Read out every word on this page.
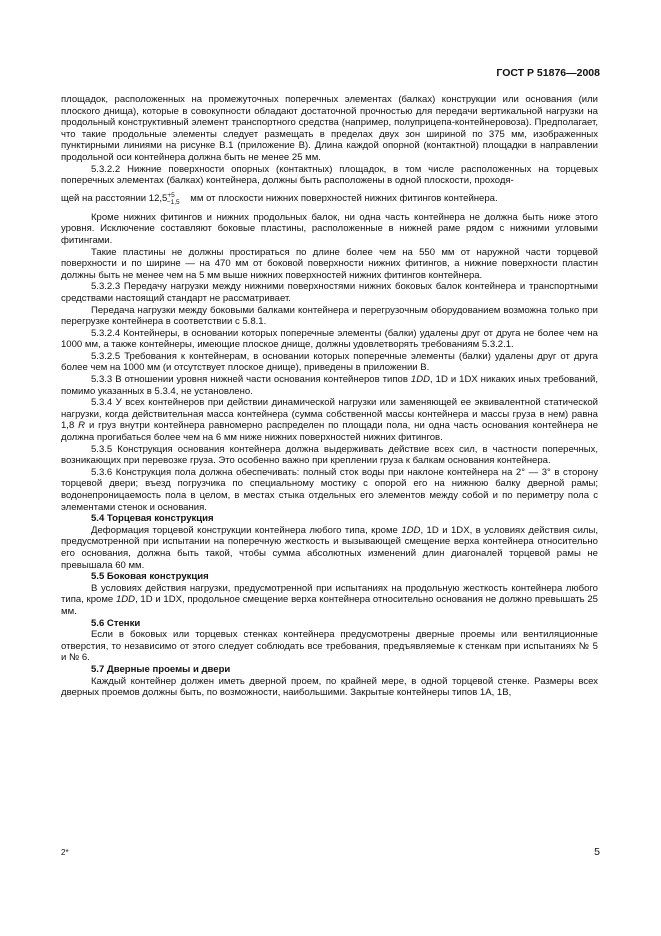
ГОСТ Р 51876—2008

площадок, расположенных на промежуточных поперечных элементах (балках) конструкции или основания (или плоского днища), которые в совокупности обладают достаточной прочностью для передачи вертикальной нагрузки на продольный конструктивный элемент транспортного средства (например, полуприцепа-контейнеровоза). Предполагает, что такие продольные элементы следует размещать в пределах двух зон шириной по 375 мм, изображенных пунктирными линиями на рисунке В.1 (приложение В). Длина каждой опорной (контактной) площадки в направлении продольной оси контейнера должна быть не менее 25 мм.

5.3.2.2 Нижние поверхности опорных (контактных) площадок, в том числе расположенных на торцевых поперечных элементах (балках) контейнера, должны быть расположены в одной плоскости, проходя-

щей на расстоянии $12,5^{+5}_{-1,5}$ мм от плоскости нижних поверхностей нижних фитингов контейнера.

Кроме нижних фитингов и нижних продольных балок, ни одна часть контейнера не должна быть ниже этого уровня. Исключение составляют боковые пластины, расположенные в нижней раме рядом с нижними угловыми фитингами.

Такие пластины не должны простираться по длине более чем на 550 мм от наружной части торцевой поверхности и по ширине — на 470 мм от боковой поверхности нижних фитингов, а нижние поверхности пластин должны быть не менее чем на 5 мм выше нижних поверхностей нижних фитингов контейнера.

5.3.2.3 Передачу нагрузки между нижними поверхностями нижних боковых балок контейнера и транспортными средствами настоящий стандарт не рассматривает.

Передача нагрузки между боковыми балками контейнера и перегрузочным оборудованием возможна только при перегрузке контейнера в соответствии с 5.8.1.

5.3.2.4 Контейнеры, в основании которых поперечные элементы (балки) удалены друг от друга не более чем на 1000 мм, а также контейнеры, имеющие плоское днище, должны удовлетворять требованиям 5.3.2.1.

5.3.2.5 Требования к контейнерам, в основании которых поперечные элементы (балки) удалены друг от друга более чем на 1000 мм (и отсутствует плоское днище), приведены в приложении В.

5.3.3 В отношении уровня нижней части основания контейнеров типов 1DD, 1D и 1DX никаких иных требований, помимо указанных в 5.3.4, не установлено.

5.3.4 У всех контейнеров при действии динамической нагрузки или заменяющей ее эквивалентной статической нагрузки, когда действительная масса контейнера (сумма собственной массы контейнера и массы груза в нем) равна 1,8 R и груз внутри контейнера равномерно распределен по площади пола, ни одна часть основания контейнера не должна прогибаться более чем на 6 мм ниже нижних поверхностей нижних фитингов.

5.3.5 Конструкция основания контейнера должна выдерживать действие всех сил, в частности поперечных, возникающих при перевозке груза. Это особенно важно при креплении груза к балкам основания контейнера.

5.3.6 Конструкция пола должна обеспечивать: полный сток воды при наклоне контейнера на 2° — 3° в сторону торцевой двери; въезд погрузчика по специальному мостику с опорой его на нижнюю балку дверной рамы; водонепроницаемость пола в целом, в местах стыка отдельных его элементов между собой и по периметру пола с элементами стенок и основания.

5.4 Торцевая конструкция

Деформация торцевой конструкции контейнера любого типа, кроме 1DD, 1D и 1DX, в условиях действия силы, предусмотренной при испытании на поперечную жесткость и вызывающей смещение верха контейнера относительно его основания, должна быть такой, чтобы сумма абсолютных изменений длин диагоналей торцевой рамы не превышала 60 мм.

5.5 Боковая конструкция

В условиях действия нагрузки, предусмотренной при испытаниях на продольную жесткость контейнера любого типа, кроме 1DD, 1D и 1DX, продольное смещение верха контейнера относительно основания не должно превышать 25 мм.

5.6 Стенки

Если в боковых или торцевых стенках контейнера предусмотрены дверные проемы или вентиляционные отверстия, то независимо от этого следует соблюдать все требования, предъявляемые к стенкам при испытаниях № 5 и № 6.

5.7 Дверные проемы и двери

Каждый контейнер должен иметь дверной проем, по крайней мере, в одной торцевой стенке. Размеры всех дверных проемов должны быть, по возможности, наибольшими. Закрытые контейнеры типов 1А, 1В,

2*	5
